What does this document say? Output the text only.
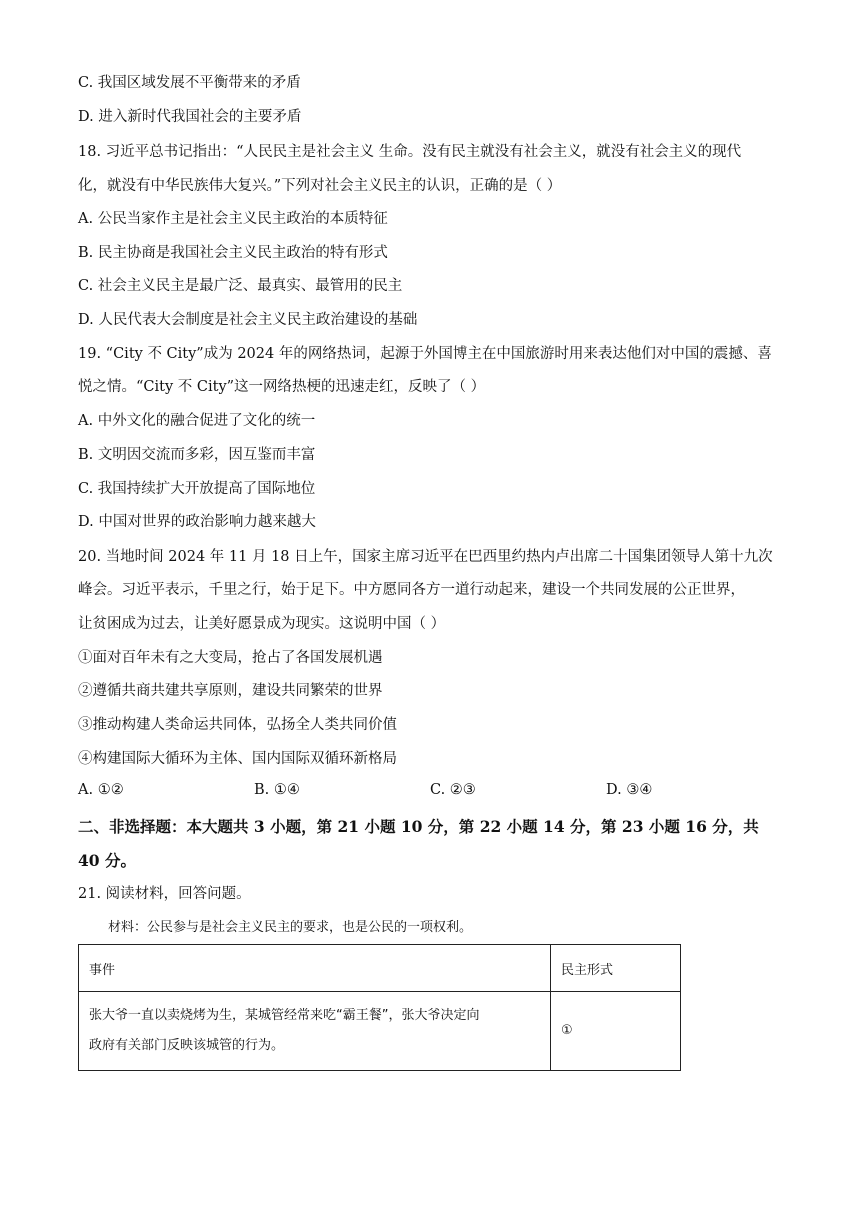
C. 我国区域发展不平衡带来的矛盾
D. 进入新时代我国社会的主要矛盾
18. 习近平总书记指出：“人民民主是社会主义 生命。没有民主就没有社会主义，就没有社会主义的现代
化，就没有中华民族伟大复兴。”下列对社会主义民主的认识，正确的是（ ）
A. 公民当家作主是社会主义民主政治的本质特征
B. 民主协商是我国社会主义民主政治的特有形式
C. 社会主义民主是最广泛、最真实、最管用的民主
D. 人民代表大会制度是社会主义民主政治建设的基础
19. “City 不 City”成为 2024 年的网络热词，起源于外国博主在中国旅游时用来表达他们对中国的震撼、喜
悦之情。“City 不 City”这一网络热梗的迅速走红，反映了（ ）
A. 中外文化的融合促进了文化的统一
B. 文明因交流而多彩，因互鉴而丰富
C. 我国持续扩大开放提高了国际地位
D. 中国对世界的政治影响力越来越大
20. 当地时间 2024 年 11 月 18 日上午，国家主席习近平在巴西里约热内卢出席二十国集团领导人第十九次
峰会。习近平表示，千里之行，始于足下。中方愿同各方一道行动起来，建设一个共同发展的公正世界，
让贫困成为过去，让美好愿景成为现实。这说明中国（ ）
①面对百年未有之大变局，抢占了各国发展机遇
②遵循共商共建共享原则，建设共同繁荣的世界
③推动构建人类命运共同体，弘扬全人类共同价值
④构建国际大循环为主体、国内国际双循环新格局
A. ①②	B. ①④	C. ②③	D. ③④
二、非选择题：本大题共 3 小题，第 21 小题 10 分，第 22 小题 14 分，第 23 小题 16 分，共
40 分。
21. 阅读材料，回答问题。
材料：公民参与是社会主义民主的要求，也是公民的一项权利。
事件	民主形式

张大爷一直以卖烧烤为生，某城管经常来吃“霸王餐”，张大爷决定向
政府有关部门反映该城管的行为。	①
